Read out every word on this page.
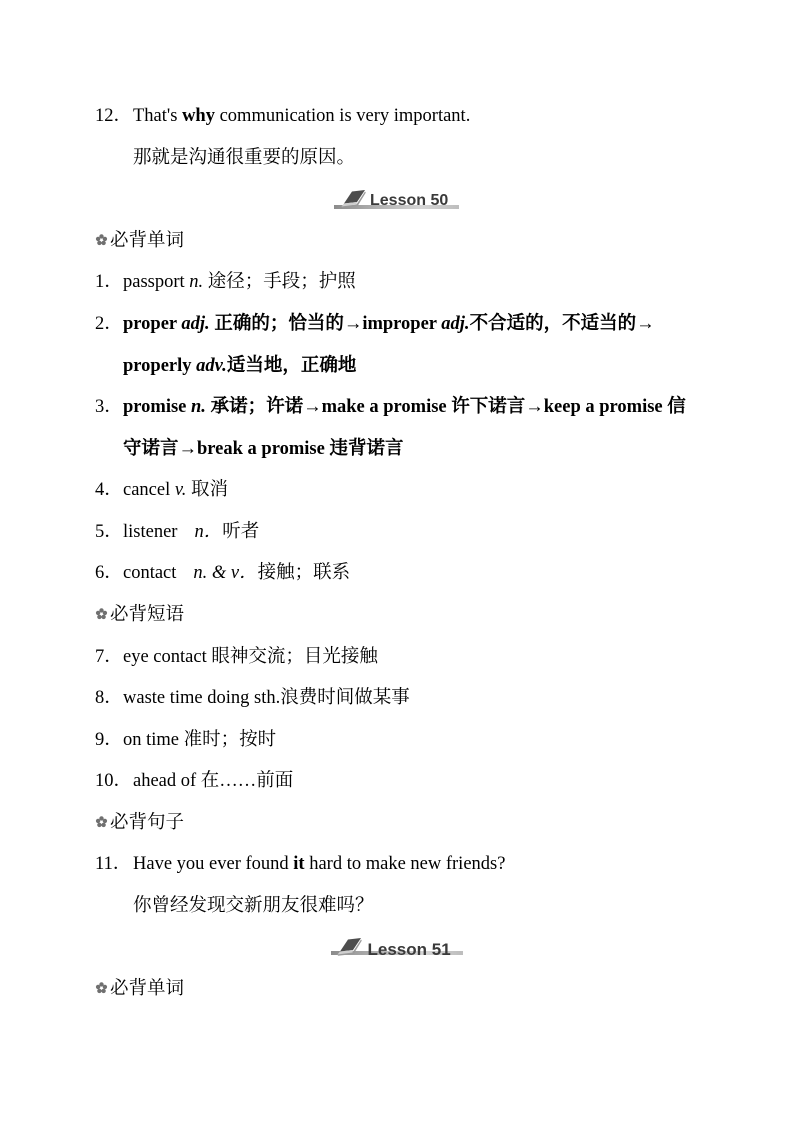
12．That's why communication is very important.
那就是沟通很重要的原因。
Lesson 50
必背单词
1．passport n. 途径；手段；护照
2．proper adj. 正确的；恰当的→improper adj.不合适的，不适当的→
properly adv.适当地，正确地
3．promise n. 承诺；许诺→make a promise 许下诺言→keep a promise 信
守诺言→break a promise 违背诺言
4．cancel v. 取消
5．listener n．听者
6．contact n. & v．接触；联系
必背短语
7．eye contact 眼神交流；目光接触
8．waste time doing sth.浪费时间做某事
9．on time 准时；按时
10．ahead of 在……前面
必背句子
11．Have you ever found it hard to make new friends?
你曾经发现交新朋友很难吗？
Lesson 51
必背单词
